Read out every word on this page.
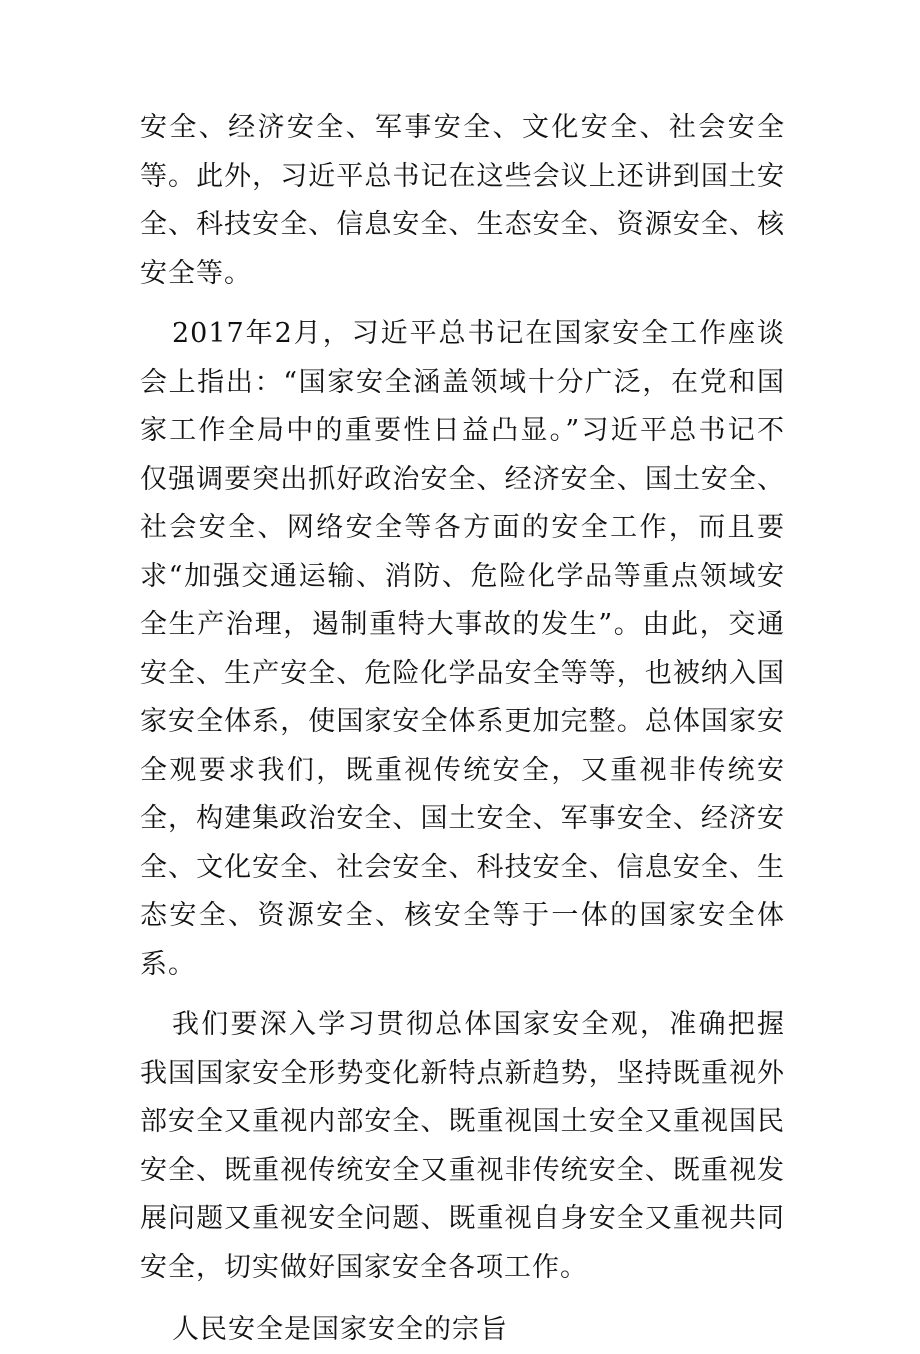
安全、经济安全、军事安全、文化安全、社会安全等。此外，习近平总书记在这些会议上还讲到国土安全、科技安全、信息安全、生态安全、资源安全、核安全等。

2017年2月，习近平总书记在国家安全工作座谈会上指出：“国家安全涵盖领域十分广泛，在党和国家工作全局中的重要性日益凸显。”习近平总书记不仅强调要突出抓好政治安全、经济安全、国土安全、社会安全、网络安全等各方面的安全工作，而且要求“加强交通运输、消防、危险化学品等重点领域安全生产治理，遏制重特大事故的发生”。由此，交通安全、生产安全、危险化学品安全等等，也被纳入国家安全体系，使国家安全体系更加完整。总体国家安全观要求我们，既重视传统安全，又重视非传统安全，构建集政治安全、国土安全、军事安全、经济安全、文化安全、社会安全、科技安全、信息安全、生态安全、资源安全、核安全等于一体的国家安全体系。

我们要深入学习贯彻总体国家安全观，准确把握我国国家安全形势变化新特点新趋势，坚持既重视外部安全又重视内部安全、既重视国土安全又重视国民安全、既重视传统安全又重视非传统安全、既重视发展问题又重视安全问题、既重视自身安全又重视共同安全，切实做好国家安全各项工作。

人民安全是国家安全的宗旨
